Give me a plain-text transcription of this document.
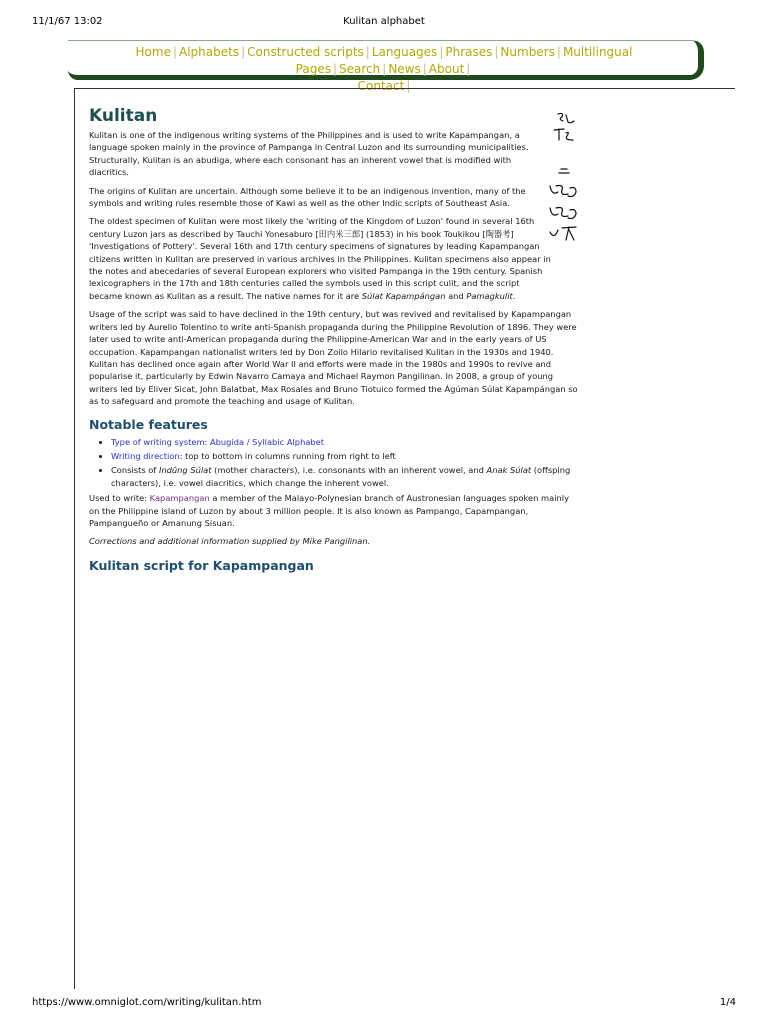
11/1/67 13:02	Kulitan alphabet
Home | Alphabets | Constructed scripts | Languages | Phrases | Numbers | Multilingual Pages | Search | News | About |
Contact |
Kulitan

Kulitan is one of the indigenous writing systems of the Philippines and is used to write Kapampangan, a language spoken mainly in the province of Pampanga in Central Luzon and its surrounding municipalities. Structurally, Kulitan is an abudiga, where each consonant has an inherent vowel that is modified with diacritics.

The origins of Kulitan are uncertain. Although some believe it to be an indigenous invention, many of the symbols and writing rules resemble those of Kawi as well as the other Indic scripts of Southeast Asia.

The oldest specimen of Kulitan were most likely the 'writing of the Kingdom of Luzon' found in several 16th century Luzon jars as described by Tauchi Yonesaburo [田内米三郎] (1853) in his book Toukikou [陶器考] 'Investigations of Pottery'. Several 16th and 17th century specimens of signatures by leading Kapampangan citizens written in Kulitan are preserved in various archives in the Philippines. Kulitan specimens also appear in the notes and abecedaries of several European explorers who visited Pampanga in the 19th century. Spanish lexicographers in the 17th and 18th centuries called the symbols used in this script culit, and the script became known as Kulitan as a result. The native names for it are Súlat Kapampángan and Pamagkulit.

Usage of the script was said to have declined in the 19th century, but was revived and revitalised by Kapampangan writers led by Aurelio Tolentino to write anti-Spanish propaganda during the Philippine Revolution of 1896. They were later used to write anti-American propaganda during the Philippine-American War and in the early years of US occupation. Kapampangan nationalist writers led by Don Zoilo Hilario revitalised Kulitan in the 1930s and 1940. Kulitan has declined once again after World War II and efforts were made in the 1980s and 1990s to revive and popularise it, particularly by Edwin Navarro Camaya and Michael Raymon Pangilinan. In 2008, a group of young writers led by Eliver Sicat, John Balatbat, Max Rosales and Bruno Tiotuico formed the Ágúman Súlat Kapampángan so as to safeguard and promote the teaching and usage of Kulitan.

Notable features
• Type of writing system: Abugida / Syllabic Alphabet
• Writing direction: top to bottom in columns running from right to left
• Consists of Indûng Súlat (mother characters), i.e. consonants with an inherent vowel, and Anak Súlat (offsping characters), i.e. vowel diacritics, which change the inherent vowel.

Used to write: Kapampangan a member of the Malayo-Polynesian branch of Austronesian languages spoken mainly on the Philippine island of Luzon by about 3 million people. It is also known as Pampango, Capampangan, Pampangueño or Amanung Sisuan.

Corrections and additional information supplied by Mike Pangilinan.

Kulitan script for Kapampangan
https://www.omniglot.com/writing/kulitan.htm	1/4
